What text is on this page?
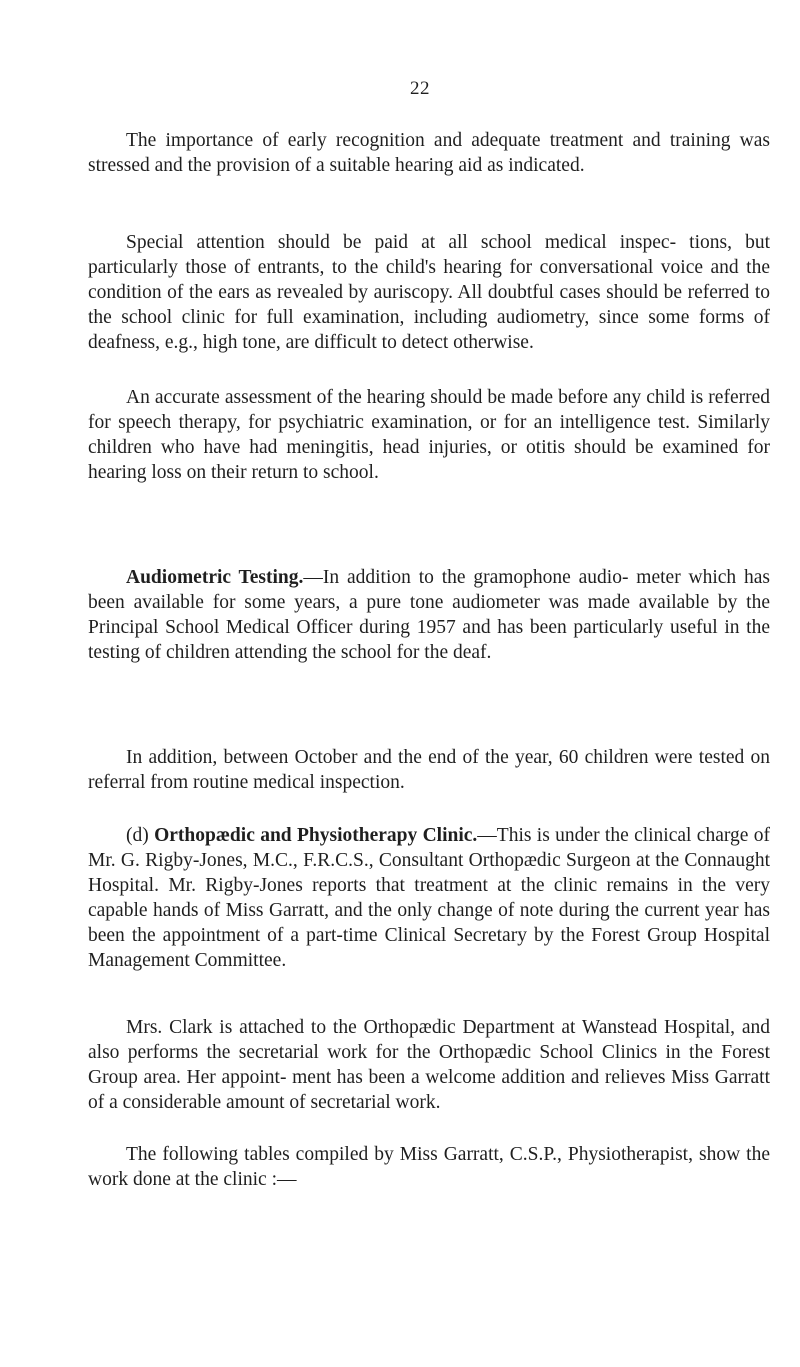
22

The importance of early recognition and adequate treatment and training was stressed and the provision of a suitable hearing aid as indicated.

Special attention should be paid at all school medical inspec- tions, but particularly those of entrants, to the child's hearing for conversational voice and the condition of the ears as revealed by auriscopy. All doubtful cases should be referred to the school clinic for full examination, including audiometry, since some forms of deafness, e.g., high tone, are difficult to detect otherwise.

An accurate assessment of the hearing should be made before any child is referred for speech therapy, for psychiatric examination, or for an intelligence test. Similarly children who have had meningitis, head injuries, or otitis should be examined for hearing loss on their return to school.

Audiometric Testing.—In addition to the gramophone audio- meter which has been available for some years, a pure tone audiometer was made available by the Principal School Medical Officer during 1957 and has been particularly useful in the testing of children attending the school for the deaf.

In addition, between October and the end of the year, 60 children were tested on referral from routine medical inspection.

(d) Orthopædic and Physiotherapy Clinic.—This is under the clinical charge of Mr. G. Rigby-Jones, M.C., F.R.C.S., Consultant Orthopædic Surgeon at the Connaught Hospital. Mr. Rigby-Jones reports that treatment at the clinic remains in the very capable hands of Miss Garratt, and the only change of note during the current year has been the appointment of a part-time Clinical Secretary by the Forest Group Hospital Management Committee.

Mrs. Clark is attached to the Orthopædic Department at Wanstead Hospital, and also performs the secretarial work for the Orthopædic School Clinics in the Forest Group area. Her appoint- ment has been a welcome addition and relieves Miss Garratt of a considerable amount of secretarial work.

The following tables compiled by Miss Garratt, C.S.P., Physiotherapist, show the work done at the clinic :—
